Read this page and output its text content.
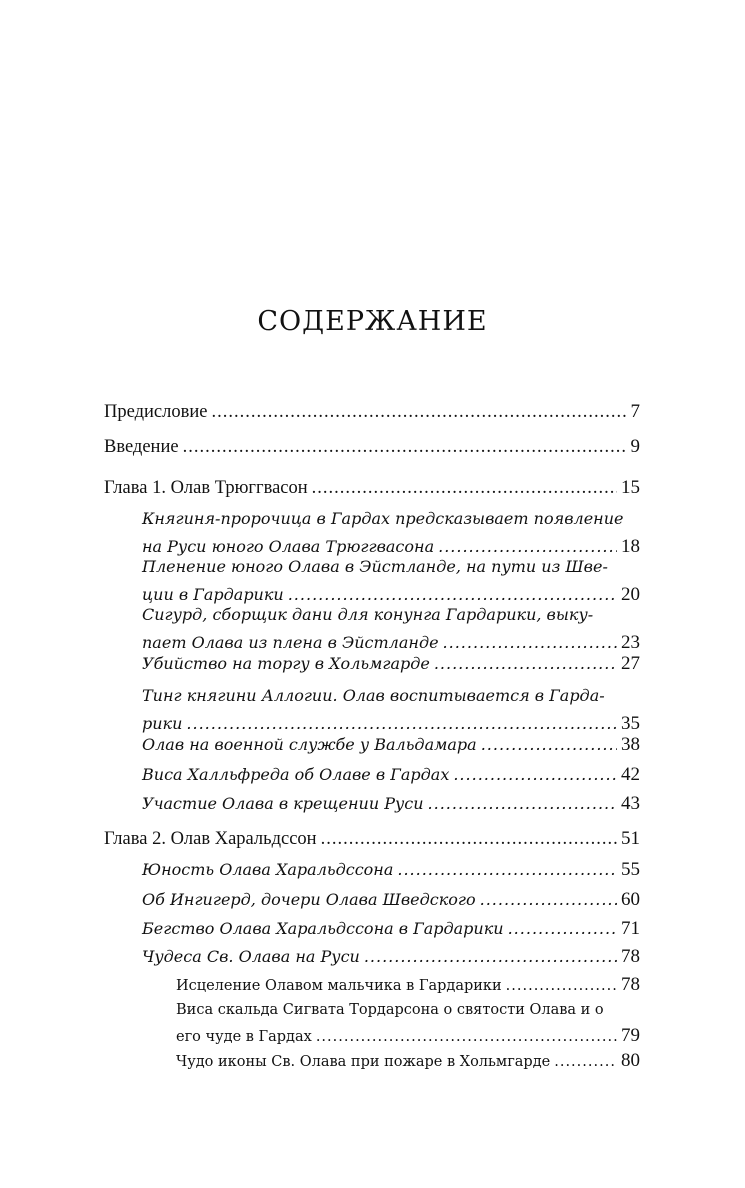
СОДЕРЖАНИЕ
Предисловие .....	7
Введение .....	9
Глава 1. Олав Трюггвасон .....	15
Княгиня-пророчица в Гардах предсказывает появление
на Руси юного Олава Трюггвасона .....	18
Пленение юного Олава в Эйстланде, на пути из Шве-
ции в Гардарики .....	20
Сигурд, сборщик дани для конунга Гардарики, выку-
пает Олава из плена в Эйстланде .....	23
Убийство на торгу в Хольмгарде .....	27
Тинг княгини Аллогии. Олав воспитывается в Гарда-
рики .....	35
Олав на военной службе у Вальдамара .....	38
Виса Халльфреда об Олаве в Гардах .....	42
Участие Олава в крещении Руси .....	43
Глава 2. Олав Харальдссон .....	51
Юность Олава Харальдссона .....	55
Об Ингигерд, дочери Олава Шведского .....	60
Бегство Олава Харальдссона в Гардарики .....	71
Чудеса Св. Олава на Руси .....	78
Исцеление Олавом мальчика в Гардарики .....	78
Виса скальда Сигвата Тордарсона о святости Олава и о
его чуде в Гардах .....	79
Чудо иконы Св. Олава при пожаре в Хольмгарде .....	80
